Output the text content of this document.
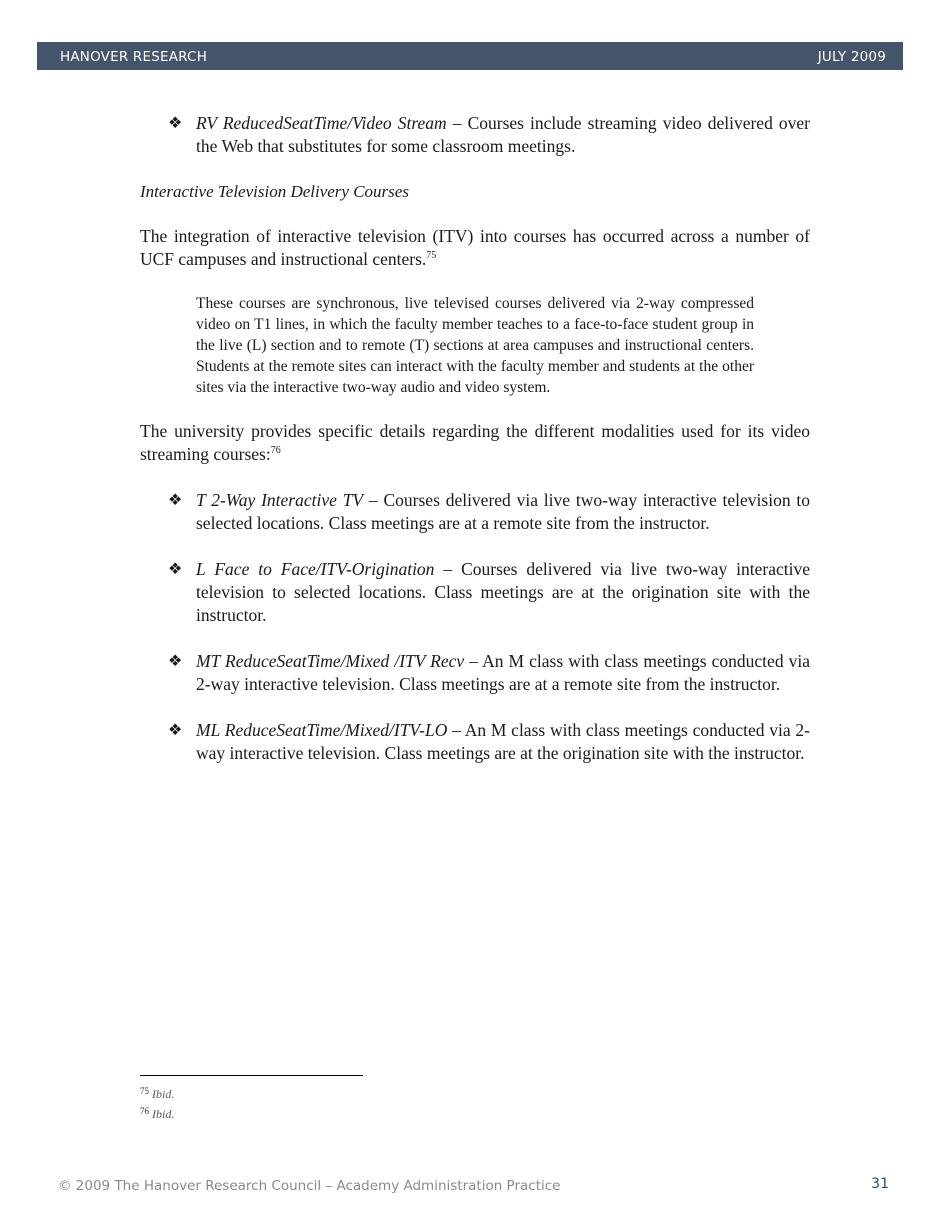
HANOVER RESEARCH	JULY 2009

❖ RV ReducedSeatTime/Video Stream – Courses include streaming video delivered over the Web that substitutes for some classroom meetings.

Interactive Television Delivery Courses

The integration of interactive television (ITV) into courses has occurred across a number of UCF campuses and instructional centers.$^{75}$

These courses are synchronous, live televised courses delivered via 2-way compressed video on T1 lines, in which the faculty member teaches to a face-to-face student group in the live (L) section and to remote (T) sections at area campuses and instructional centers. Students at the remote sites can interact with the faculty member and students at the other sites via the interactive two-way audio and video system.

The university provides specific details regarding the different modalities used for its video streaming courses:$^{76}$

❖ T 2-Way Interactive TV – Courses delivered via live two-way interactive television to selected locations. Class meetings are at a remote site from the instructor.

❖ L Face to Face/ITV-Origination – Courses delivered via live two-way interactive television to selected locations. Class meetings are at the origination site with the instructor.

❖ MT ReduceSeatTime/Mixed /ITV Recv – An M class with class meetings conducted via 2-way interactive television. Class meetings are at a remote site from the instructor.

❖ ML ReduceSeatTime/Mixed/ITV-LO – An M class with class meetings conducted via 2-way interactive television. Class meetings are at the origination site with the instructor.

$^{75}$ Ibid.
$^{76}$ Ibid.
© 2009 The Hanover Research Council – Academy Administration Practice	31
